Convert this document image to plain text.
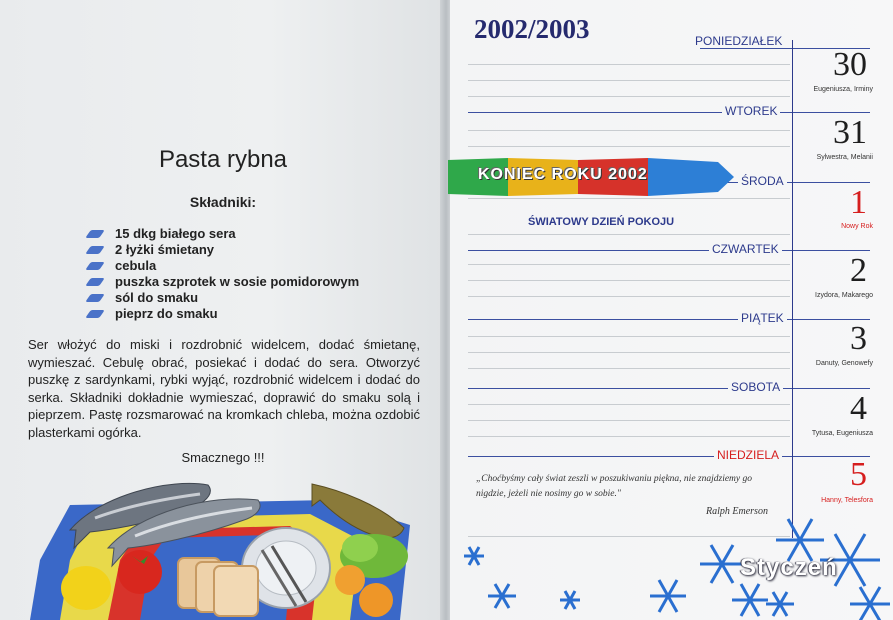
Pasta rybna
Składniki:
15 dkg białego sera
2 łyżki śmietany
cebula
puszka szprotek w sosie pomidorowym
sól do smaku
pieprz do smaku
Ser włożyć do miski i rozdrobnić widelcem, dodać śmietanę, wymieszać. Cebulę obrać, posiekać i dodać do sera. Otworzyć puszkę z sardynkami, rybki wyjąć, rozdrobnić widelcem i dodać do serka. Składniki dokładnie wymieszać, doprawić do smaku solą i pieprzem. Pastę rozsmarować na kromkach chleba, można ozdobić plasterkami ogórka.
Smacznego !!!
2002/2003	PONIEDZIAŁEK
WTOREK
ŚRODA
CZWARTEK
PIĄTEK
SOBOTA
NIEDZIELA
30
31
1
2
3
4
5
Eugeniusza, Irminy
Sylwestra, Melanii
Nowy Rok
Izydora, Makarego
Danuty, Genowefy
Tytusa, Eugeniusza
Hanny, Telesfora
KONIEC ROKU 2002
ŚWIATOWY DZIEŃ POKOJU
„Choćbyśmy cały świat zeszli w poszukiwaniu piękna, nie znajdziemy go nigdzie, jeżeli nie nosimy go w sobie."
Ralph Emerson
Styczeń
